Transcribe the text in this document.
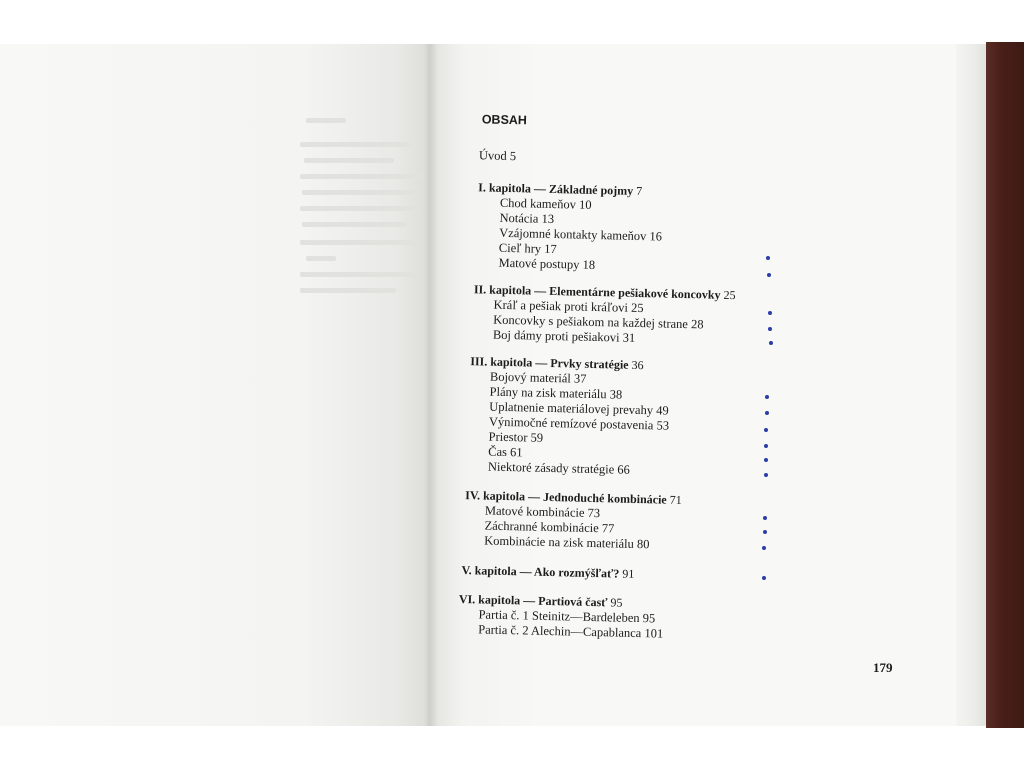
OBSAH
Úvod 5
I. kapitola — Základné pojmy 7
Chod kameňov 10
Notácia 13
Vzájomné kontakty kameňov 16
Cieľ hry 17
Matové postupy 18
II. kapitola — Elementárne pešiakové koncovky 25
Kráľ a pešiak proti kráľovi 25
Koncovky s pešiakom na každej strane 28
Boj dámy proti pešiakovi 31
III. kapitola — Prvky stratégie 36
Bojový materiál 37
Plány na zisk materiálu 38
Uplatnenie materiálovej prevahy 49
Výnimočné remízové postavenia 53
Priestor 59
Čas 61
Niektoré zásady stratégie 66
IV. kapitola — Jednoduché kombinácie 71
Matové kombinácie 73
Záchranné kombinácie 77
Kombinácie na zisk materiálu 80
V. kapitola — Ako rozmýšľať? 91
VI. kapitola — Partiová časť 95
Partia č. 1 Steinitz—Bardeleben 95
Partia č. 2 Alechin—Capablanca 101
179
